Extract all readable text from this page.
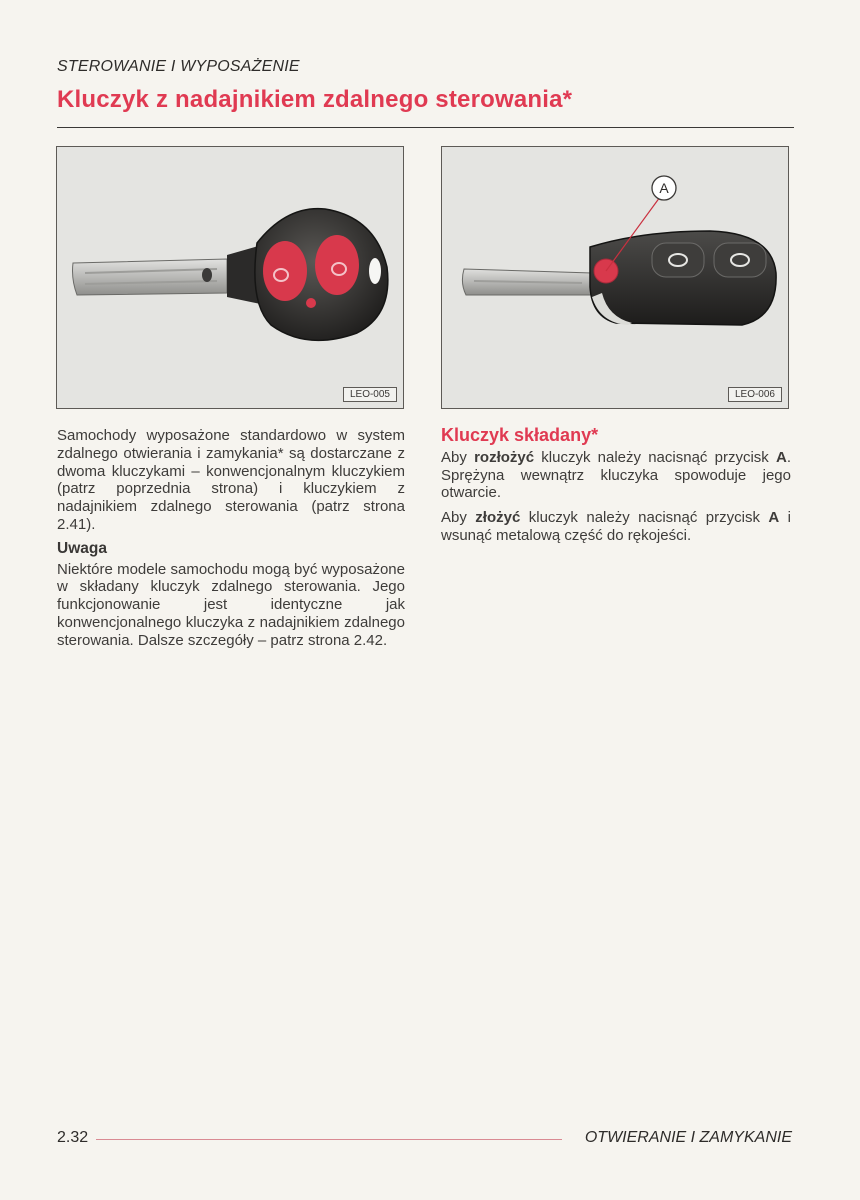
STEROWANIE I WYPOSAŻENIE
Kluczyk z nadajnikiem zdalnego sterowania*
LEO-005
A
LEO-006

Samochody wyposażone standardowo w system zdalnego otwierania i zamykania* są dostarczane z dwoma kluczykami – konwencjonalnym kluczykiem (patrz poprzednia strona) i kluczykiem z nadajnikiem zdalnego sterowania (patrz strona 2.41).

Uwaga

Niektóre modele samochodu mogą być wyposażone w składany kluczyk zdalnego sterowania. Jego funkcjonowanie jest identyczne jak konwencjonalnego kluczyka z nadajnikiem zdalnego sterowania. Dalsze szczegóły – patrz strona 2.42.

Kluczyk składany*

Aby rozłożyć kluczyk należy nacisnąć przycisk A. Sprężyna wewnątrz kluczyka spowoduje jego otwarcie.

Aby złożyć kluczyk należy nacisnąć przycisk A i wsunąć metalową część do rękojeści.

2.32	OTWIERANIE I ZAMYKANIE
